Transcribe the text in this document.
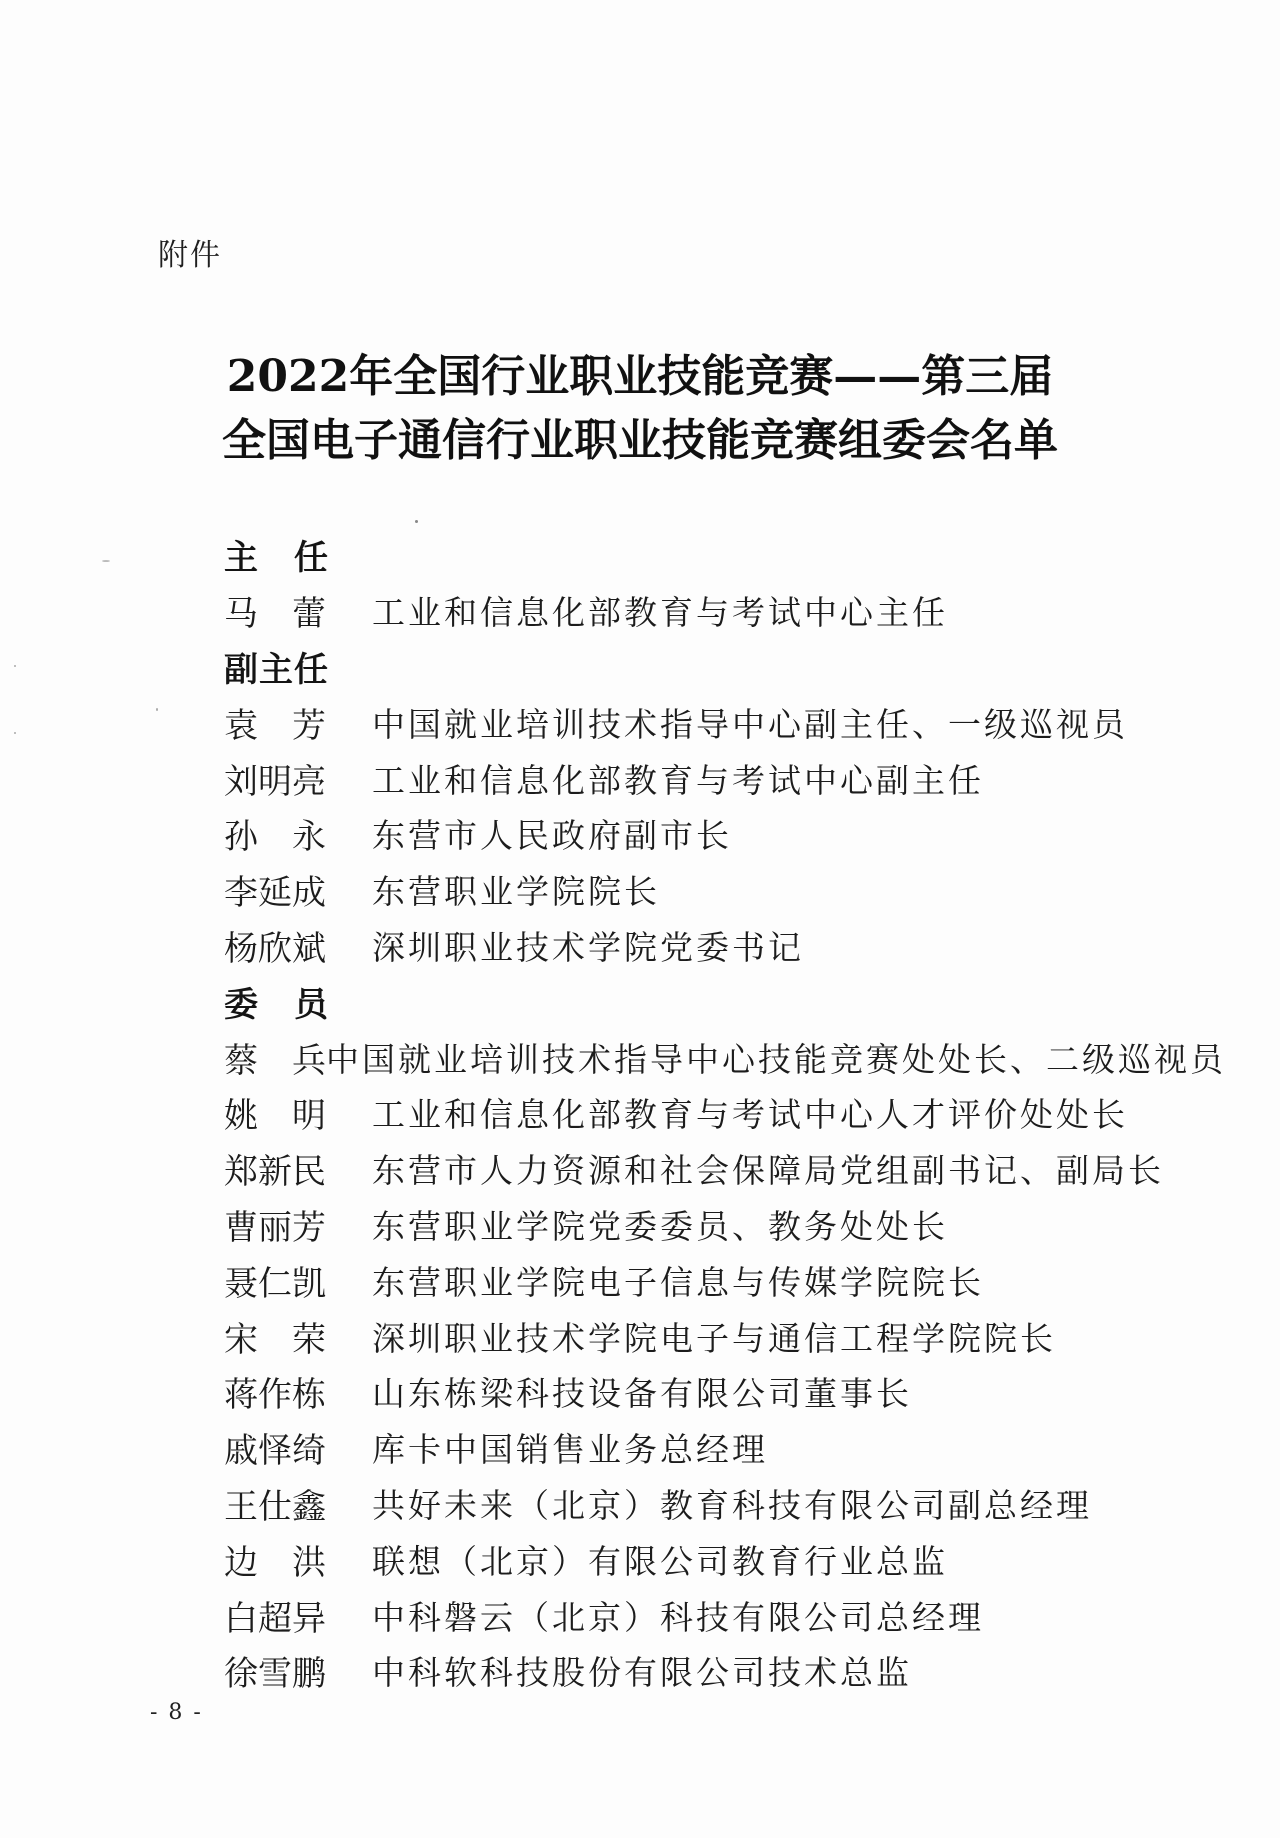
附件
2022年全国行业职业技能竞赛——第三届
全国电子通信行业职业技能竞赛组委会名单
主　任
马　蕾	工业和信息化部教育与考试中心主任
副主任
袁　芳	中国就业培训技术指导中心副主任、一级巡视员
刘明亮	工业和信息化部教育与考试中心副主任
孙　永	东营市人民政府副市长
李延成	东营职业学院院长
杨欣斌	深圳职业技术学院党委书记
委　员
蔡　兵 中国就业培训技术指导中心技能竞赛处处长、二级巡视员
姚　明	工业和信息化部教育与考试中心人才评价处处长
郑新民	东营市人力资源和社会保障局党组副书记、副局长
曹丽芳	东营职业学院党委委员、教务处处长
聂仁凯	东营职业学院电子信息与传媒学院院长
宋　荣	深圳职业技术学院电子与通信工程学院院长
蒋作栋	山东栋梁科技设备有限公司董事长
戚怿绮	库卡中国销售业务总经理
王仕鑫	共好未来（北京）教育科技有限公司副总经理
边　洪	联想（北京）有限公司教育行业总监
白超异	中科磐云（北京）科技有限公司总经理
徐雪鹏	中科软科技股份有限公司技术总监
- 8 -
